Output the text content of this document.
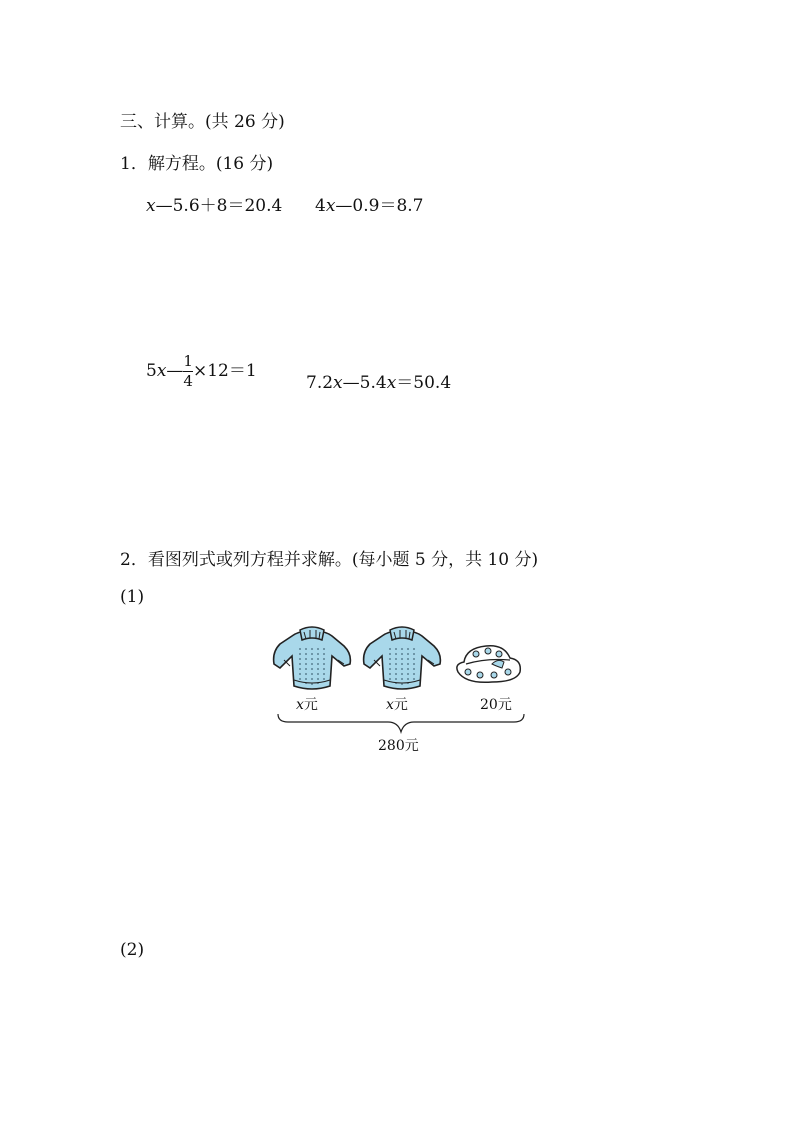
三、计算。(共 26 分)
1．解方程。(16 分)
x—5.6＋8＝20.4 4x—0.9＝8.7
5x— $\frac{1}{4} \times 12=1$
7.2x—5.4x＝50.4
2．看图列式或列方程并求解。(每小题 5 分，共 10 分)
(1)
x元	x元	20元
280元
(2)
